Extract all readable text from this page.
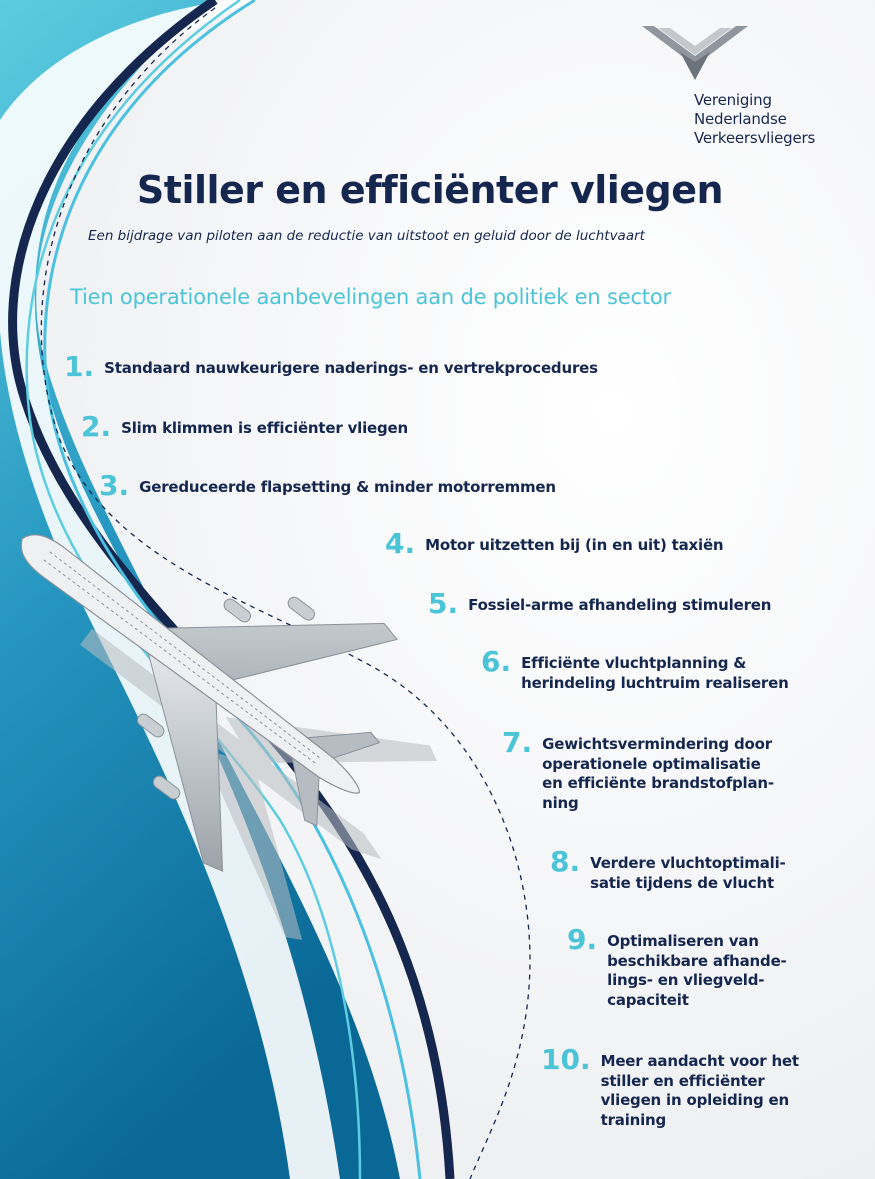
Vereniging
Nederlandse
Verkeersvliegers
Stiller en efficiënter vliegen
Een bijdrage van piloten aan de reductie van uitstoot en geluid door de luchtvaart
Tien operationele aanbevelingen aan de politiek en sector
1. Standaard nauwkeurigere naderings- en vertrekprocedures
2. Slim klimmen is efficiënter vliegen
3. Gereduceerde flapsetting & minder motorremmen
4. Motor uitzetten bij (in en uit) taxiën
5. Fossiel-arme afhandeling stimuleren
6. Efficiënte vluchtplanning &
herindeling luchtruim realiseren
7. Gewichtsvermindering door
operationele optimalisatie
en efficiënte brandstofplan-
ning
8. Verdere vluchtoptimali-
satie tijdens de vlucht
9. Optimaliseren van
beschikbare afhande-
lings- en vliegveld-
capaciteit
10. Meer aandacht voor het
stiller en efficiënter
vliegen in opleiding en
training
